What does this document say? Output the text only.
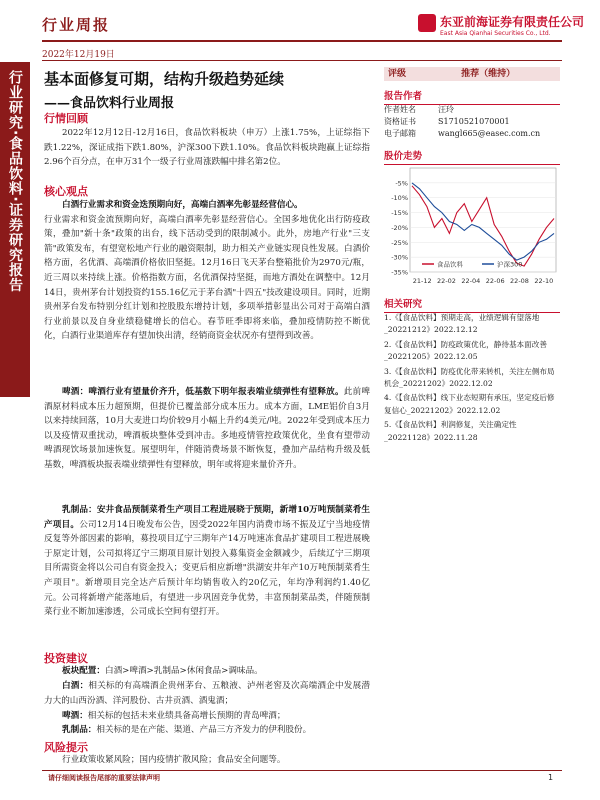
行业周报	东亚前海证券有限责任公司
East Asia Qianhai Securities Co., Ltd.
2022年12月19日
行业研究·食品饮料·证券研究报告	基本面修复可期，结构升级趋势延续
——食品饮料行业周报
行情回顾
2022年12月12日-12月16日，食品饮料板块（申万）上涨1.75%，上证综指下跌1.22%，深证成指下跌1.80%，沪深300下跌1.10%。食品饮料板块跑赢上证综指2.96个百分点，在申万31个一级子行业周涨跌幅中排名第2位。
核心观点
白酒行业需求和资金迭预期向好，高端白酒率先彰显经营信心。
行业需求和资金流预期向好，高端白酒率先彰显经营信心。全国多地优化出行防疫政策，叠加"新十条"政策的出台，线下活动受到的限制减小。此外，房地产行业"三支箭"政策发布，有望宽松地产行业的融资限制，助力相关产业链实现良性发展。白酒价格方面，名优酒、高端酒价格依旧坚挺。12月16日飞天茅台整箱批价为2970元/瓶，近三周以来持续上涨。价格指数方面，名优酒保持坚挺，而地方酒处在调整中。12月14日，贵州茅台计划投资约155.16亿元于茅台酒"十四五"技改建设项目。同时，近期贵州茅台发布特别分红计划和控股股东增持计划，多项举措彰显出公司对于高端白酒行业前景以及自身业绩稳健增长的信心。春节旺季即将来临，叠加疫情防控不断优化，白酒行业渠道库存有望加快出清，经销商资金状况亦有望得到改善。
啤酒：啤酒行业有望量价齐升，低基数下明年报表端业绩弹性有望释放。此前啤酒原材料成本压力超预期，但提价已覆盖部分成本压力。成本方面，LME铝价自3月以来持续回落，10月大麦进口均价较9月小幅上升约4美元/吨。2022年受到成本压力以及疫情双重扰动，啤酒板块整体受到冲击。多地疫情管控政策优化，坐食有望带动啤酒现饮场景加速恢复。展望明年，伴随消费场景不断恢复，叠加产品结构升级及低基数，啤酒板块报表端业绩弹性有望释放，明年或将迎来量价齐升。
乳制品：安井食品预制菜肴生产项目工程进展晓于预期，新增10万吨预制菜肴生产项目。公司12月14日晚发布公告，因受2022年国内消费市场不振及辽宁当地疫情反复等外部因素的影响，募投项目辽宁三期年产14万吨速冻食品扩建项目工程进展晚于原定计划，公司拟将辽宁三期项目原计划投入募集资金金额减少，后续辽宁三期项目所需资金将以公司自有资金投入；变更后相应新增"洪湖安井年产10万吨预制菜肴生产项目"。新增项目完全达产后预计年均销售收入约20亿元，年均净利润约1.40亿元。公司将新增产能落地后，有望进一步巩固竞争优势，丰富预制菜品类，伴随预制菜行业不断加速渗透，公司成长空间有望打开。
投资建议
板块配置：白酒>啤酒>乳制品>休闲食品>调味品。
白酒：相关标的有高端酒企贵州茅台、五粮液、泸州老窖及次高端酒企中发展潜力大的山西汾酒、洋河股份、古井贡酒、酒鬼酒；
啤酒：相关标的包括未来业绩具备高增长预期的青岛啤酒；
乳制品：相关标的是在产能、渠道、产品三方齐发力的伊利股份。
风险提示
行业政策收紧风险；国内疫情扩散风险；食品安全问题等。
评级	推荐（维持）
报告作者
作者姓名	汪玲
资格证书	S1710521070001
电子邮箱	wangl665@easec.com.cn
股价走势
-5%
-10%
-15%
-20%
-25%
-30%
-35%
21-12 22-02 22-04 22-06 22-08 22-10
食品饮料	沪深300
相关研究
1.《【食品饮料】预期走高，业绩逻辑有望落地_20221212》2022.12.12
2.《【食品饮料】防疫政策优化，静待基本面改善_20221205》2022.12.05
3.《【食品饮料】防疫优化带来转机，关注左侧布局机会_20221202》2022.12.02
4.《【食品饮料】线下业态短期有承压，坚定疫后修复信心_20221202》2022.12.02
5.《【食品饮料】利润修复，关注确定性_20221128》2022.11.28
请仔细阅读报告尾部的重要法律声明	1
